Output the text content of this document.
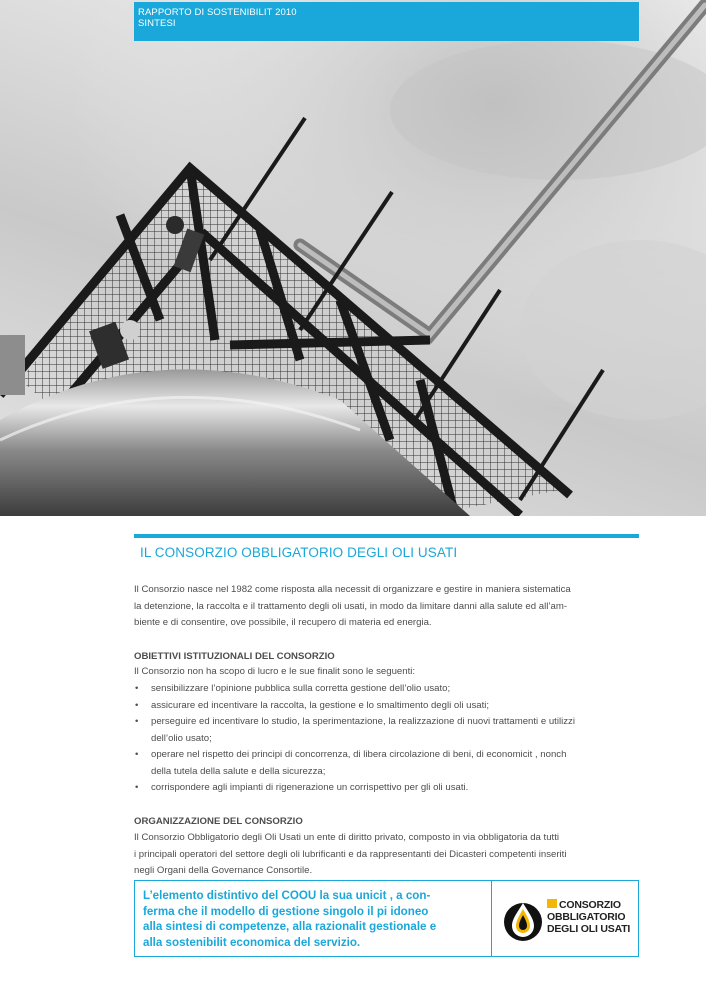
RAPPORTO DI SOSTENIBILIT 2010
SINTESI
IL CONSORZIO OBBLIGATORIO DEGLI OLI USATI
Il Consorzio nasce nel 1982 come risposta alla necessit di organizzare e gestire in maniera sistematica
la detenzione, la raccolta e il trattamento degli oli usati, in modo da limitare danni alla salute ed all’am-
biente e di consentire, ove possibile, il recupero di materia ed energia.
OBIETTIVI ISTITUZIONALI DEL CONSORZIO
Il Consorzio non ha scopo di lucro e le sue finalit sono le seguenti:
• sensibilizzare l’opinione pubblica sulla corretta gestione dell’olio usato;
• assicurare ed incentivare la raccolta, la gestione e lo smaltimento degli oli usati;
• perseguire ed incentivare lo studio, la sperimentazione, la realizzazione di nuovi trattamenti e utilizzi
dell’olio usato;
• operare nel rispetto dei principi di concorrenza, di libera circolazione di beni, di economicit , nonch
della tutela della salute e della sicurezza;
• corrispondere agli impianti di rigenerazione un corrispettivo per gli oli usati.
ORGANIZZAZIONE DEL CONSORZIO
Il Consorzio Obbligatorio degli Oli Usati un ente di diritto privato, composto in via obbligatoria da tutti
i principali operatori del settore degli oli lubrificanti e da rappresentanti dei Dicasteri competenti inseriti
negli Organi della Governance Consortile.
L’elemento distintivo del COOU la sua unicit , a con-
ferma che il modello di gestione singolo il pi idoneo
alla sintesi di competenze, alla razionalit gestionale e
alla sostenibilit economica del servizio.
CONSORZIO
OBBLIGATORIO
DEGLI OLI USATI
